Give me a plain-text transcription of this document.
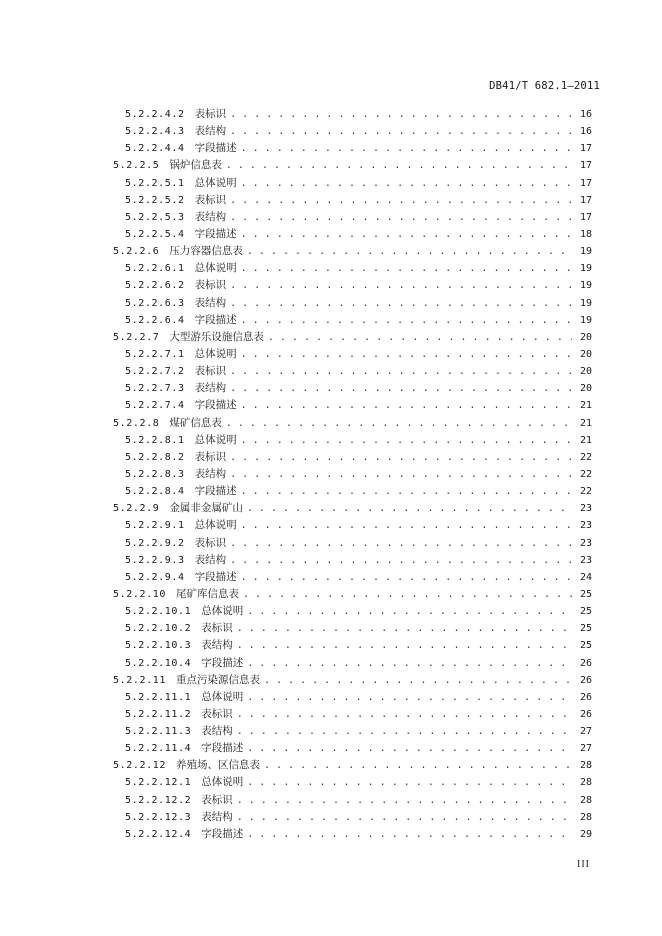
DB41/T 682.1—2011
5.2.2.4.2 表标识 . . .	16
5.2.2.4.3 表结构 . . .	16
5.2.2.4.4 字段描述 . . .	17
5.2.2.5 锅炉信息表 . . .	17
5.2.2.5.1 总体说明 . . .	17
5.2.2.5.2 表标识 . . .	17
5.2.2.5.3 表结构 . . .	17
5.2.2.5.4 字段描述 . . .	18
5.2.2.6 压力容器信息表 . . .	19
5.2.2.6.1 总体说明 . . .	19
5.2.2.6.2 表标识 . . .	19
5.2.2.6.3 表结构 . . .	19
5.2.2.6.4 字段描述 . . .	19
5.2.2.7 大型游乐设施信息表 . . .	20
5.2.2.7.1 总体说明 . . .	20
5.2.2.7.2 表标识 . . .	20
5.2.2.7.3 表结构 . . .	20
5.2.2.7.4 字段描述 . . .	21
5.2.2.8 煤矿信息表 . . .	21
5.2.2.8.1 总体说明 . . .	21
5.2.2.8.2 表标识 . . .	22
5.2.2.8.3 表结构 . . .	22
5.2.2.8.4 字段描述 . . .	22
5.2.2.9 金属非金属矿山 . . .	23
5.2.2.9.1 总体说明 . . .	23
5.2.2.9.2 表标识 . . .	23
5.2.2.9.3 表结构 . . .	23
5.2.2.9.4 字段描述 . . .	24
5.2.2.10 尾矿库信息表 . . .	25
5.2.2.10.1 总体说明 . . .	25
5.2.2.10.2 表标识 . . .	25
5.2.2.10.3 表结构 . . .	25
5.2.2.10.4 字段描述 . . .	26
5.2.2.11 重点污染源信息表 . . .	26
5.2.2.11.1 总体说明 . . .	26
5.2.2.11.2 表标识 . . .	26
5.2.2.11.3 表结构 . . .	27
5.2.2.11.4 字段描述 . . .	27
5.2.2.12 养殖场、区信息表 . . .	28
5.2.2.12.1 总体说明 . . .	28
5.2.2.12.2 表标识 . . .	28
5.2.2.12.3 表结构 . . .	28
5.2.2.12.4 字段描述 . . .	29
III
